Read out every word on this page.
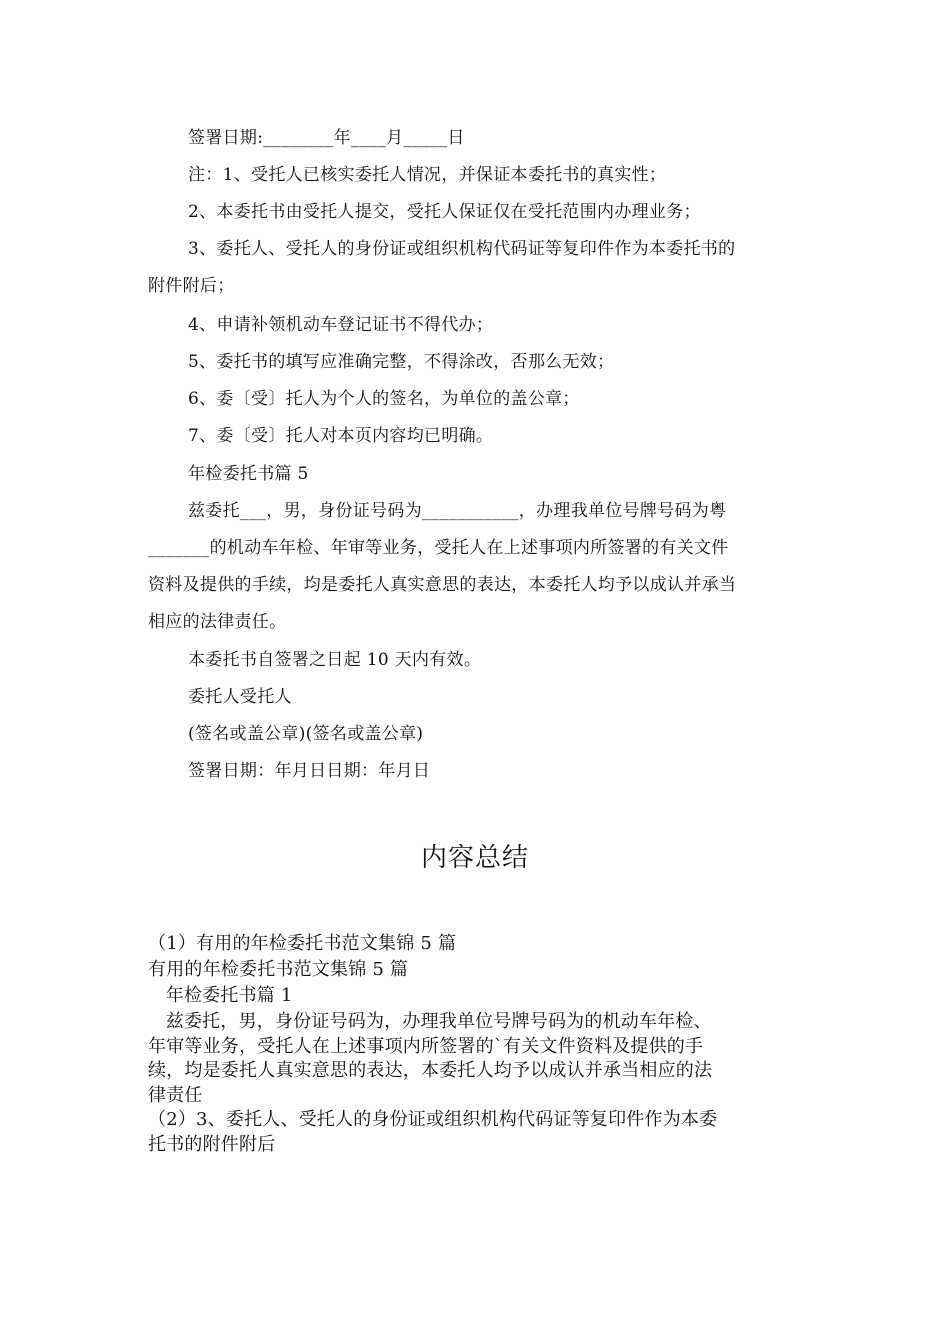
签署日期:________年____月_____日
注：1、受托人已核实委托人情况，并保证本委托书的真实性；
2、本委托书由受托人提交，受托人保证仅在受托范围内办理业务；
3、委托人、受托人的身份证或组织机构代码证等复印件作为本委托书的
附件附后；
4、申请补领机动车登记证书不得代办；
5、委托书的填写应准确完整，不得涂改，否那么无效；
6、委〔受〕托人为个人的签名，为单位的盖公章；
7、委〔受〕托人对本页内容均已明确。
年检委托书篇 5
兹委托___，男，身份证号码为___________，办理我单位号牌号码为粤
_______的机动车年检、年审等业务，受托人在上述事项内所签署的有关文件
资料及提供的手续，均是委托人真实意思的表达，本委托人均予以成认并承当
相应的法律责任。
本委托书自签署之日起 10 天内有效。
委托人受托人
(签名或盖公章)(签名或盖公章)
签署日期：年月日日期：年月日
内容总结
（1）有用的年检委托书范文集锦 5 篇
有用的年检委托书范文集锦 5 篇
年检委托书篇 1
兹委托，男，身份证号码为，办理我单位号牌号码为的机动车年检、
年审等业务，受托人在上述事项内所签署的`有关文件资料及提供的手
续，均是委托人真实意思的表达，本委托人均予以成认并承当相应的法
律责任
（2）3、委托人、受托人的身份证或组织机构代码证等复印件作为本委
托书的附件附后
